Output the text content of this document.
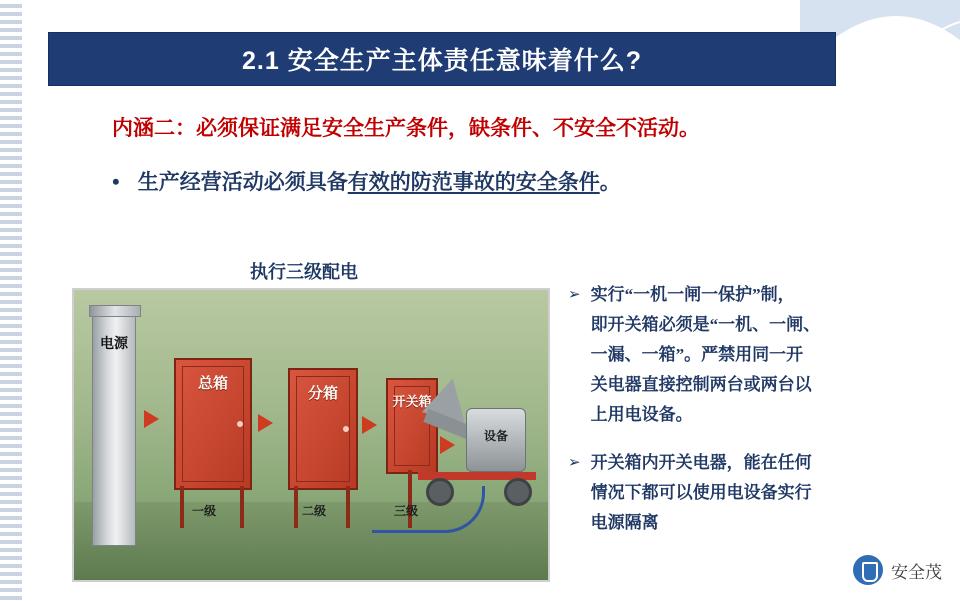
2.1 安全生产主体责任意味着什么?
内涵二：必须保证满足安全生产条件，缺条件、不安全不活动。
• 生产经营活动必须具备 有效的防范事故的安全条件 。
执行三级配电
电源
总箱
一级
分箱
二级
开关箱
三级
设备
➢ 实行“一机一闸一保护”制，
即开关箱必须是“一机、一闸、
一漏、一箱”。严禁用同一开
关电器直接控制两台或两台以
上用电设备。
➢ 开关箱内开关电器，能在任何
情况下都可以使用电设备实行
电源隔离
安全茂
